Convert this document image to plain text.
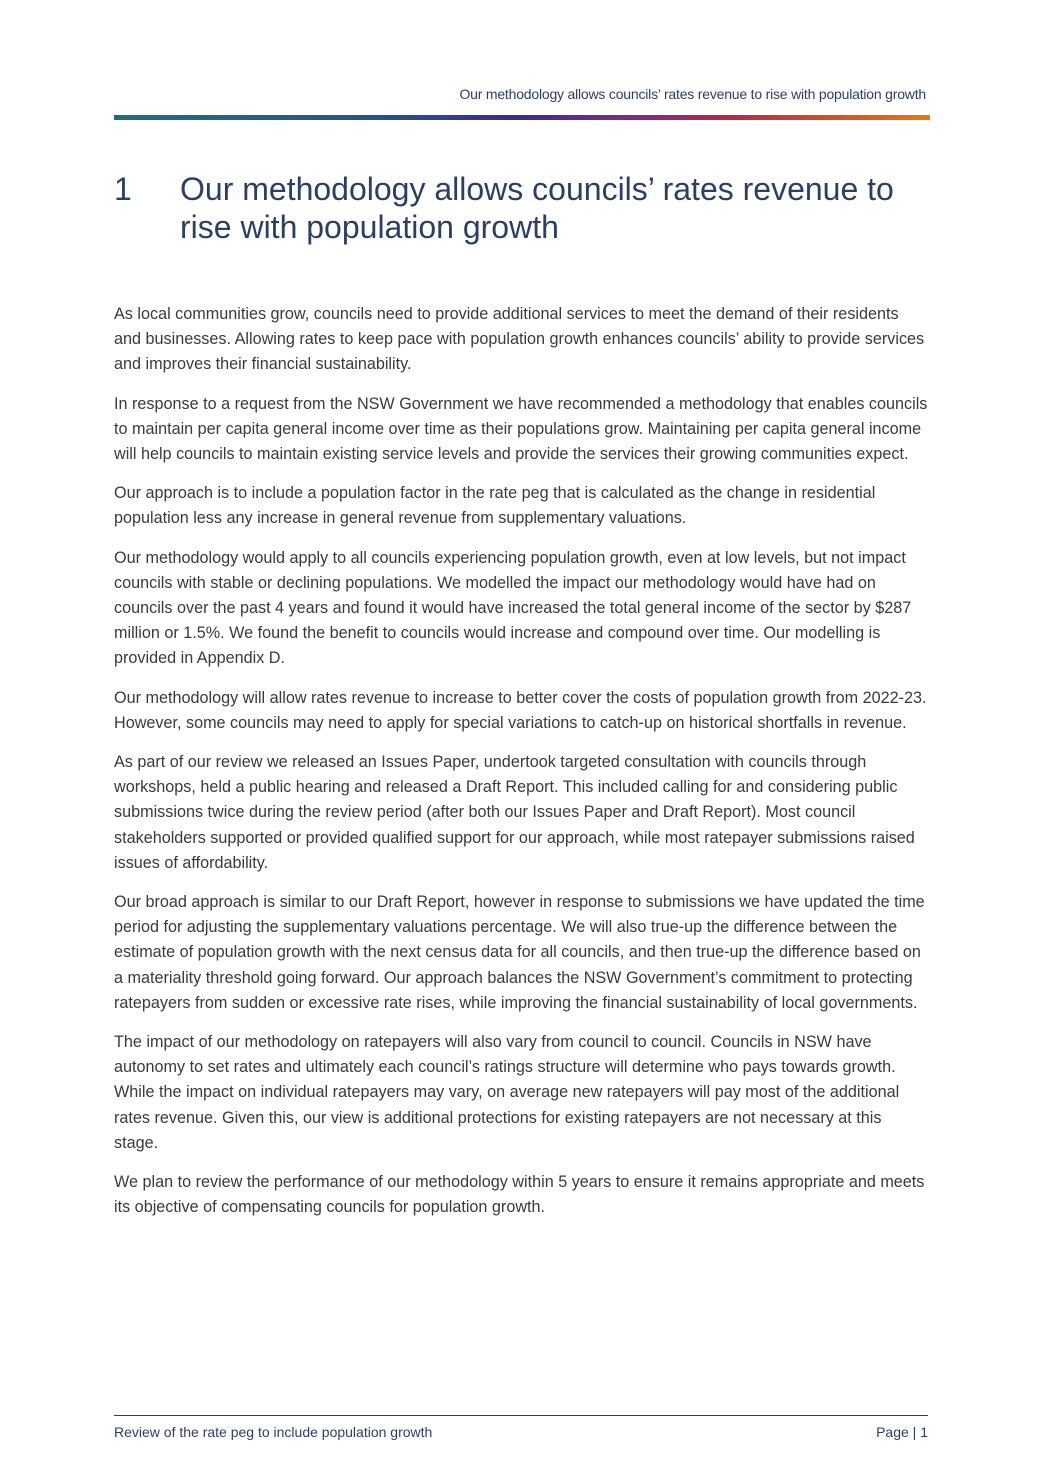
Our methodology allows councils’ rates revenue to rise with population growth
1 Our methodology allows councils’ rates revenue to rise with population growth

As local communities grow, councils need to provide additional services to meet the demand of their residents and businesses. Allowing rates to keep pace with population growth enhances councils’ ability to provide services and improves their financial sustainability.

In response to a request from the NSW Government we have recommended a methodology that enables councils to maintain per capita general income over time as their populations grow. Maintaining per capita general income will help councils to maintain existing service levels and provide the services their growing communities expect.

Our approach is to include a population factor in the rate peg that is calculated as the change in residential population less any increase in general revenue from supplementary valuations.

Our methodology would apply to all councils experiencing population growth, even at low levels, but not impact councils with stable or declining populations. We modelled the impact our methodology would have had on councils over the past 4 years and found it would have increased the total general income of the sector by $287 million or 1.5%. We found the benefit to councils would increase and compound over time. Our modelling is provided in Appendix D.

Our methodology will allow rates revenue to increase to better cover the costs of population growth from 2022-23. However, some councils may need to apply for special variations to catch-up on historical shortfalls in revenue.

As part of our review we released an Issues Paper, undertook targeted consultation with councils through workshops, held a public hearing and released a Draft Report. This included calling for and considering public submissions twice during the review period (after both our Issues Paper and Draft Report). Most council stakeholders supported or provided qualified support for our approach, while most ratepayer submissions raised issues of affordability.

Our broad approach is similar to our Draft Report, however in response to submissions we have updated the time period for adjusting the supplementary valuations percentage. We will also true-up the difference between the estimate of population growth with the next census data for all councils, and then true-up the difference based on a materiality threshold going forward. Our approach balances the NSW Government’s commitment to protecting ratepayers from sudden or excessive rate rises, while improving the financial sustainability of local governments.

The impact of our methodology on ratepayers will also vary from council to council. Councils in NSW have autonomy to set rates and ultimately each council’s ratings structure will determine who pays towards growth. While the impact on individual ratepayers may vary, on average new ratepayers will pay most of the additional rates revenue. Given this, our view is additional protections for existing ratepayers are not necessary at this stage.

We plan to review the performance of our methodology within 5 years to ensure it remains appropriate and meets its objective of compensating councils for population growth.

Review of the rate peg to include population growth	Page | 1
